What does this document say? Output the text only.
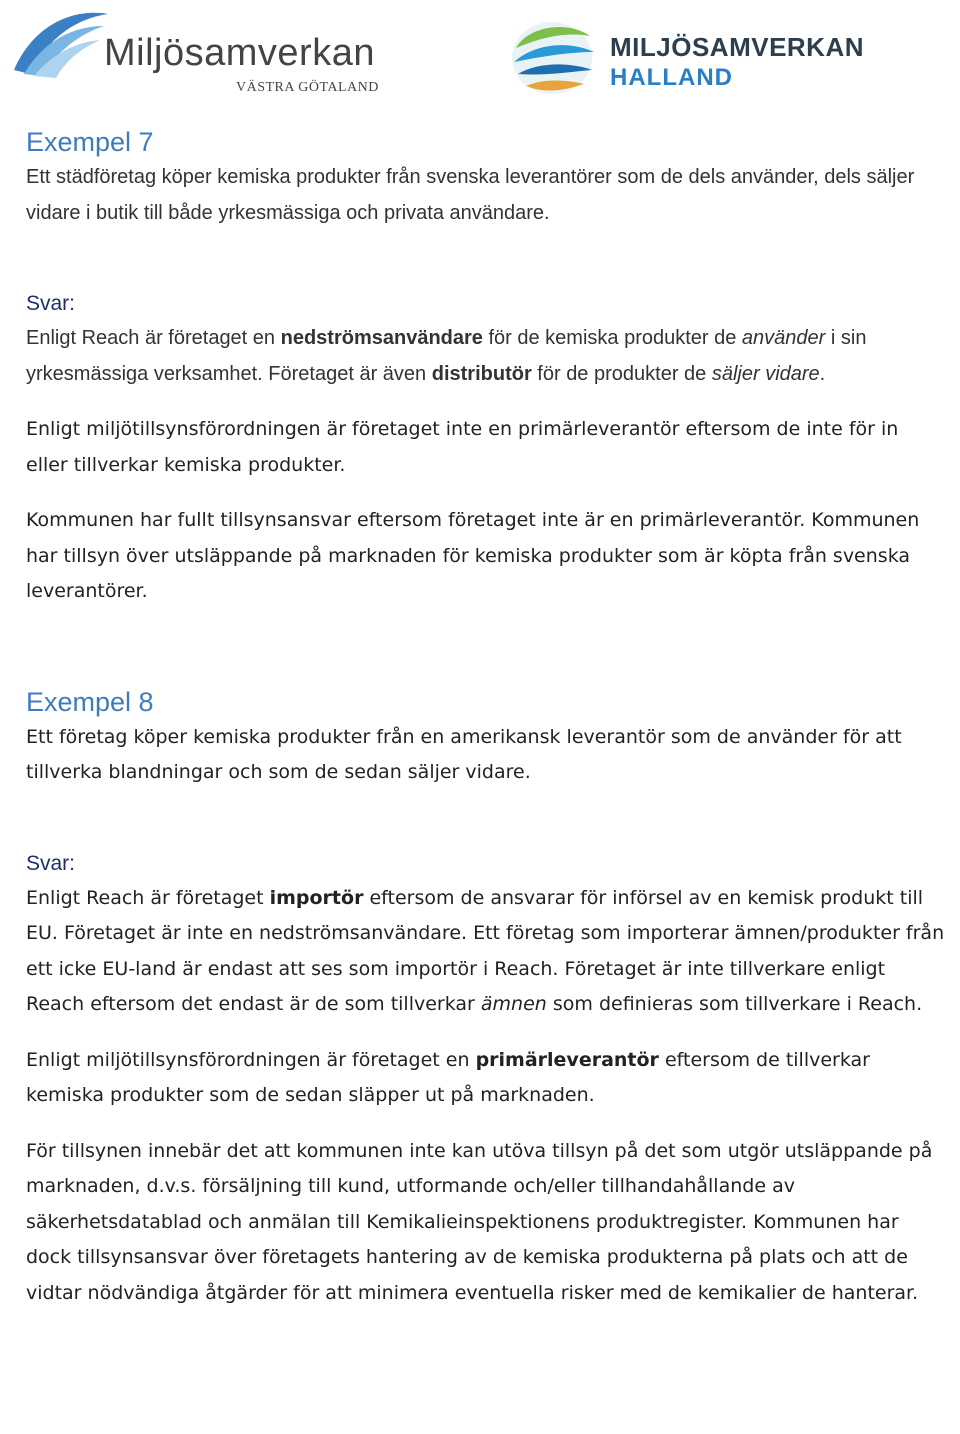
Miljösamverkan
VÄSTRA GÖTALAND
MILJÖSAMVERKAN
HALLAND
Exempel 7

Ett städföretag köper kemiska produkter från svenska leverantörer som de dels använder, dels säljer vidare i butik till både yrkesmässiga och privata användare.

Svar:

Enligt Reach är företaget en nedströmsanvändare för de kemiska produkter de använder i sin yrkesmässiga verksamhet. Företaget är även distributör för de produkter de säljer vidare.

Enligt miljötillsynsförordningen är företaget inte en primärleverantör eftersom de inte för in eller tillverkar kemiska produkter.

Kommunen har fullt tillsynsansvar eftersom företaget inte är en primärleverantör. Kommunen har tillsyn över utsläppande på marknaden för kemiska produkter som är köpta från svenska leverantörer.

Exempel 8

Ett företag köper kemiska produkter från en amerikansk leverantör som de använder för att tillverka blandningar och som de sedan säljer vidare.

Svar:

Enligt Reach är företaget importör eftersom de ansvarar för införsel av en kemisk produkt till EU. Företaget är inte en nedströmsanvändare. Ett företag som importerar ämnen/produkter från ett icke EU-land är endast att ses som importör i Reach. Företaget är inte tillverkare enligt Reach eftersom det endast är de som tillverkar ämnen som definieras som tillverkare i Reach.

Enligt miljötillsynsförordningen är företaget en primärleverantör eftersom de tillverkar kemiska produkter som de sedan släpper ut på marknaden.

För tillsynen innebär det att kommunen inte kan utöva tillsyn på det som utgör utsläppande på marknaden, d.v.s. försäljning till kund, utformande och/eller tillhandahållande av säkerhetsdatablad och anmälan till Kemikalieinspektionens produktregister. Kommunen har dock tillsynsansvar över företagets hantering av de kemiska produkterna på plats och att de vidtar nödvändiga åtgärder för att minimera eventuella risker med de kemikalier de hanterar.
